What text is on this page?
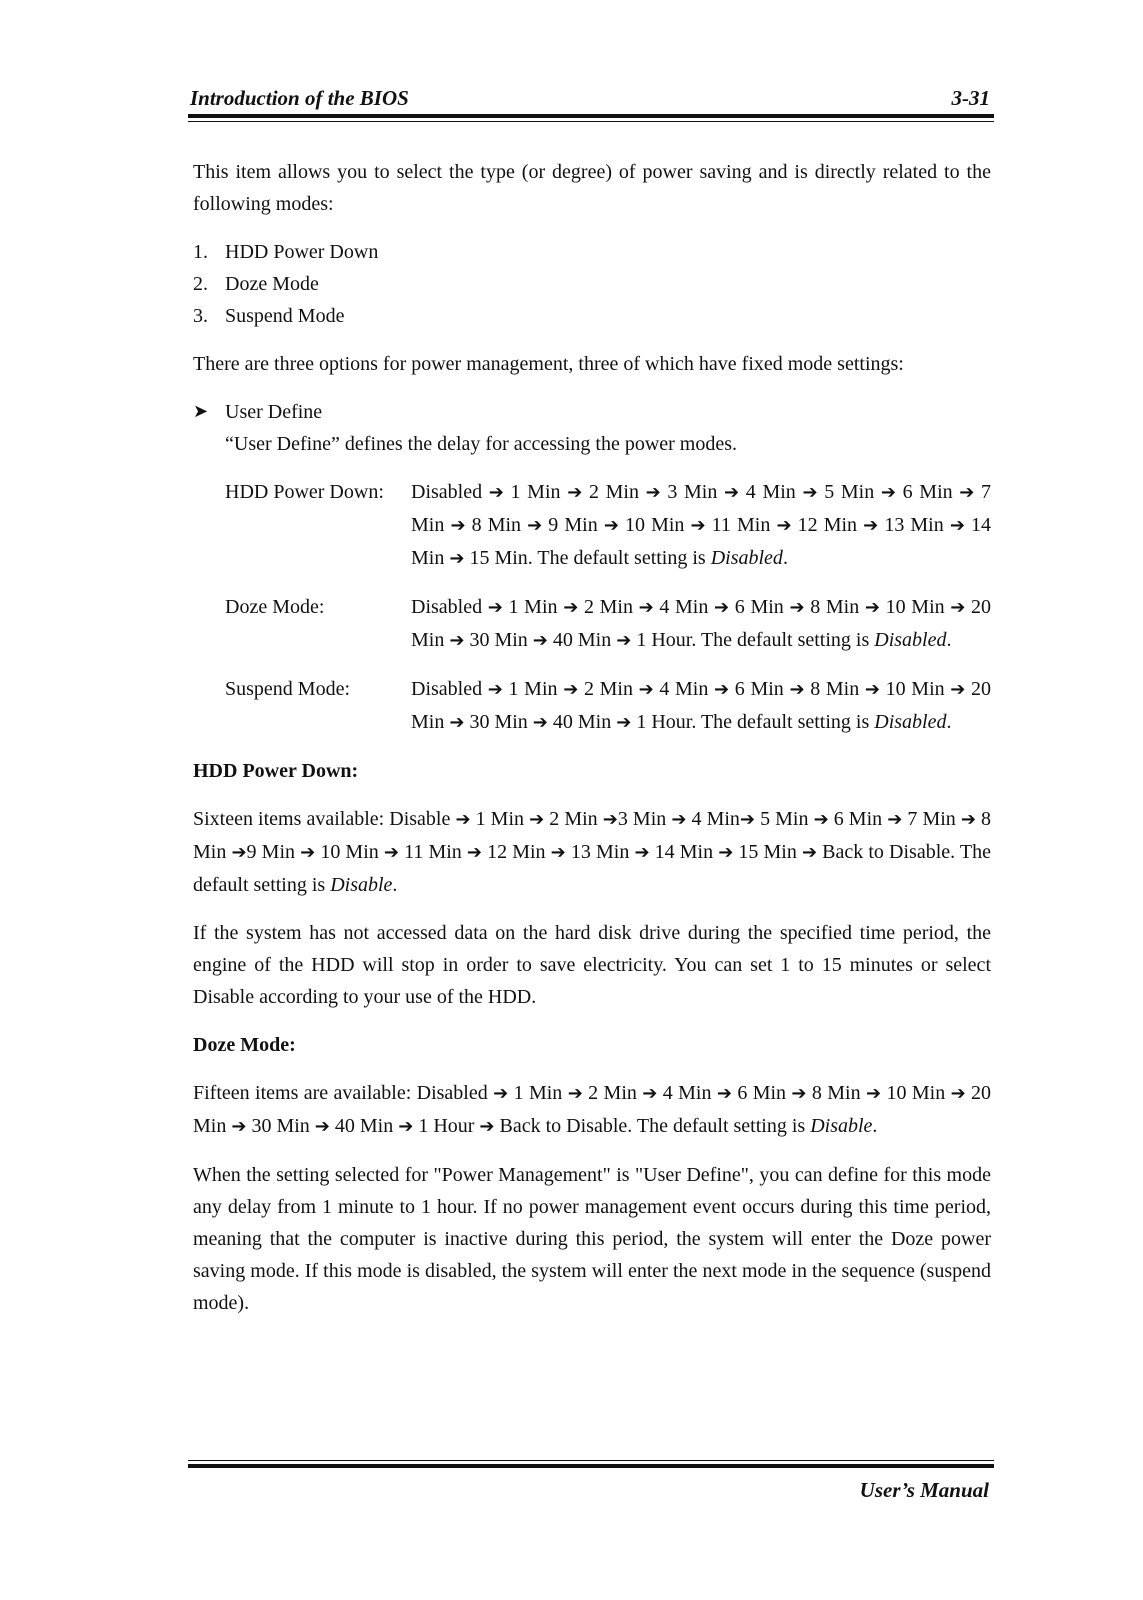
Introduction of the BIOS	3-31

This item allows you to select the type (or degree) of power saving and is directly related to the following modes:

1. HDD Power Down
2. Doze Mode
3. Suspend Mode

There are three options for power management, three of which have fixed mode settings:

➤ User Define
“User Define” defines the delay for accessing the power modes.
HDD Power Down:	Disabled ➔ 1 Min ➔ 2 Min ➔ 3 Min ➔ 4 Min ➔ 5 Min ➔ 6 Min ➔ 7 Min ➔ 8 Min ➔ 9 Min ➔ 10 Min ➔ 11 Min ➔ 12 Min ➔ 13 Min ➔ 14 Min ➔ 15 Min. The default setting is Disabled.
Doze Mode:	Disabled ➔ 1 Min ➔ 2 Min ➔ 4 Min ➔ 6 Min ➔ 8 Min ➔ 10 Min ➔ 20 Min ➔ 30 Min ➔ 40 Min ➔ 1 Hour. The default setting is Disabled.
Suspend Mode:	Disabled ➔ 1 Min ➔ 2 Min ➔ 4 Min ➔ 6 Min ➔ 8 Min ➔ 10 Min ➔ 20 Min ➔ 30 Min ➔ 40 Min ➔ 1 Hour. The default setting is Disabled.
HDD Power Down:

Sixteen items available: Disable ➔ 1 Min ➔ 2 Min ➔3 Min ➔ 4 Min➔ 5 Min ➔ 6 Min ➔ 7 Min ➔ 8 Min ➔9 Min ➔ 10 Min ➔ 11 Min ➔ 12 Min ➔ 13 Min ➔ 14 Min ➔ 15 Min ➔ Back to Disable. The default setting is Disable.

If the system has not accessed data on the hard disk drive during the specified time period, the engine of the HDD will stop in order to save electricity. You can set 1 to 15 minutes or select Disable according to your use of the HDD.

Doze Mode:

Fifteen items are available: Disabled ➔ 1 Min ➔ 2 Min ➔ 4 Min ➔ 6 Min ➔ 8 Min ➔ 10 Min ➔ 20 Min ➔ 30 Min ➔ 40 Min ➔ 1 Hour ➔ Back to Disable. The default setting is Disable.

When the setting selected for "Power Management" is "User Define", you can define for this mode any delay from 1 minute to 1 hour. If no power management event occurs during this time period, meaning that the computer is inactive during this period, the system will enter the Doze power saving mode. If this mode is disabled, the system will enter the next mode in the sequence (suspend mode).

User’s Manual
